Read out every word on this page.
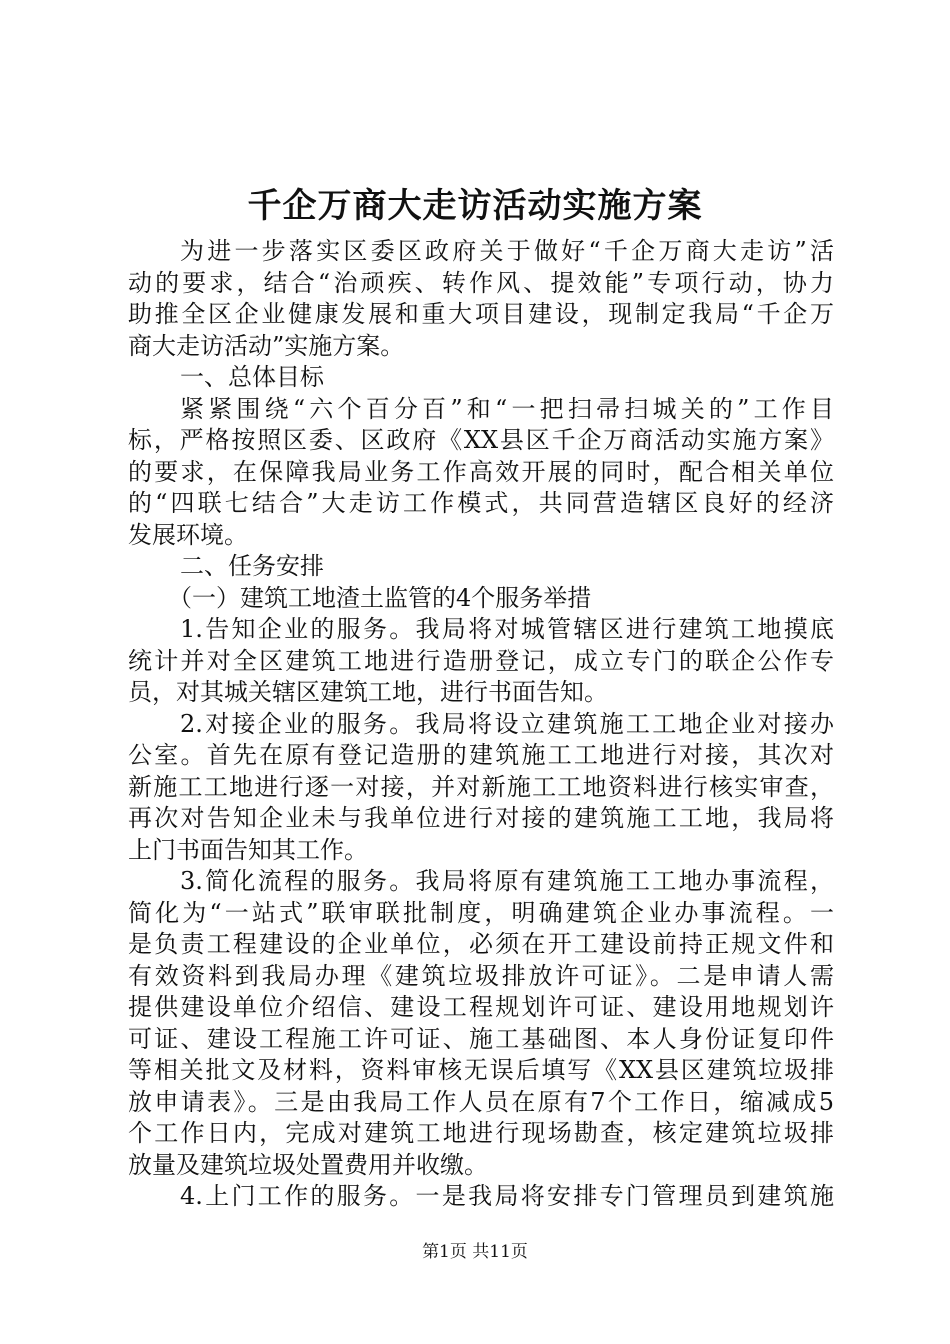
千企万商大走访活动实施方案
为进一步落实区委区政府关于做好“千企万商大走访”活
动的要求，结合“治顽疾、转作风、提效能”专项行动，协力
助推全区企业健康发展和重大项目建设，现制定我局“千企万
商大走访活动”实施方案。
一、总体目标
紧紧围绕“六个百分百”和“一把扫帚扫城关的”工作目
标，严格按照区委、区政府《XX县区千企万商活动实施方案》
的要求，在保障我局业务工作高效开展的同时，配合相关单位
的“四联七结合”大走访工作模式，共同营造辖区良好的经济
发展环境。
二、任务安排
（一）建筑工地渣土监管的4个服务举措
1.告知企业的服务。我局将对城管辖区进行建筑工地摸底
统计并对全区建筑工地进行造册登记，成立专门的联企公作专
员，对其城关辖区建筑工地，进行书面告知。
2.对接企业的服务。我局将设立建筑施工工地企业对接办
公室。首先在原有登记造册的建筑施工工地进行对接，其次对
新施工工地进行逐一对接，并对新施工工地资料进行核实审查，
再次对告知企业未与我单位进行对接的建筑施工工地，我局将
上门书面告知其工作。
3.简化流程的服务。我局将原有建筑施工工地办事流程，
简化为“一站式”联审联批制度，明确建筑企业办事流程。一
是负责工程建设的企业单位，必须在开工建设前持正规文件和
有效资料到我局办理《建筑垃圾排放许可证》。二是申请人需
提供建设单位介绍信、建设工程规划许可证、建设用地规划许
可证、建设工程施工许可证、施工基础图、本人身份证复印件
等相关批文及材料，资料审核无误后填写《XX县区建筑垃圾排
放申请表》。三是由我局工作人员在原有7个工作日，缩减成5
个工作日内，完成对建筑工地进行现场勘查，核定建筑垃圾排
放量及建筑垃圾处置费用并收缴。
4.上门工作的服务。一是我局将安排专门管理员到建筑施
第1页 共11页
